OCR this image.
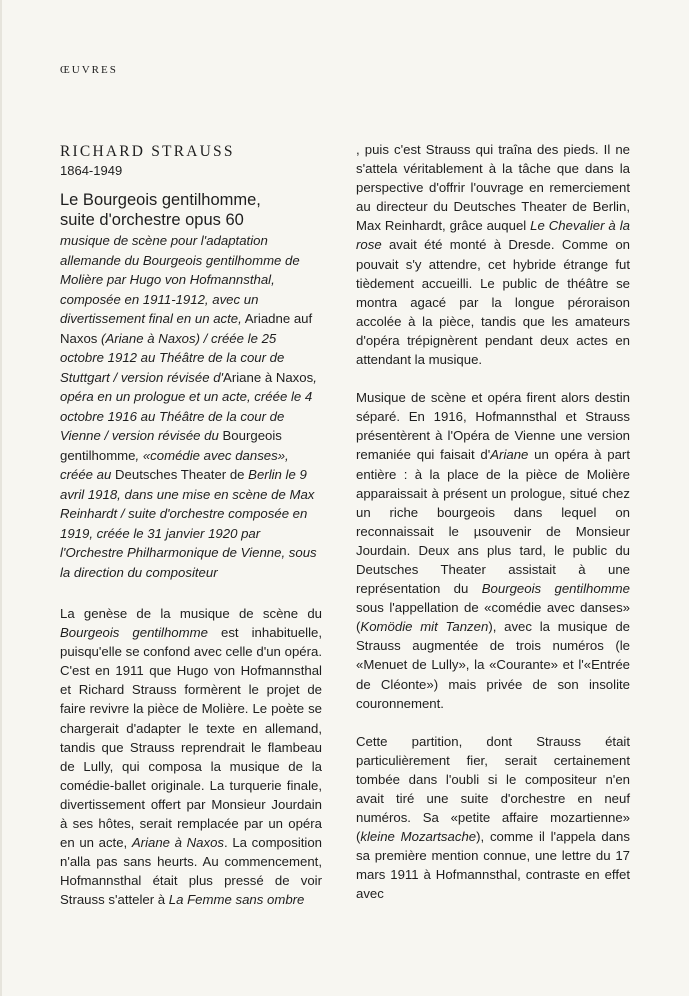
ŒUVRES
RICHARD STRAUSS
1864-1949
Le Bourgeois gentilhomme,
suite d'orchestre opus 60
musique de scène pour l'adaptation allemande du Bourgeois gentilhomme de Molière par Hugo von Hofmannsthal, composée en 1911-1912, avec un divertissement final en un acte, Ariadne auf Naxos (Ariane à Naxos) / créée le 25 octobre 1912 au Théâtre de la cour de Stuttgart / version révisée d'Ariane à Naxos, opéra en un prologue et un acte, créée le 4 octobre 1916 au Théâtre de la cour de Vienne / version révisée du Bourgeois gentilhomme, «comédie avec danses», créée au Deutsches Theater de Berlin le 9 avril 1918, dans une mise en scène de Max Reinhardt / suite d'orchestre composée en 1919, créée le 31 janvier 1920 par l'Orchestre Philharmonique de Vienne, sous la direction du compositeur
La genèse de la musique de scène du Bourgeois gentilhomme est inhabituelle, puisqu'elle se confond avec celle d'un opéra. C'est en 1911 que Hugo von Hofmannsthal et Richard Strauss formèrent le projet de faire revivre la pièce de Molière. Le poète se chargerait d'adapter le texte en allemand, tandis que Strauss reprendrait le flambeau de Lully, qui composa la musique de la comédie-ballet originale. La turquerie finale, divertissement offert par Monsieur Jourdain à ses hôtes, serait remplacée par un opéra en un acte, Ariane à Naxos. La composition n'alla pas sans heurts. Au commencement, Hofmannsthal était plus pressé de voir Strauss s'atteler à La Femme sans ombre
, puis c'est Strauss qui traîna des pieds. Il ne s'attela véritablement à la tâche que dans la perspective d'offrir l'ouvrage en remerciement au directeur du Deutsches Theater de Berlin, Max Reinhardt, grâce auquel Le Chevalier à la rose avait été monté à Dresde. Comme on pouvait s'y attendre, cet hybride étrange fut tièdement accueilli. Le public de théâtre se montra agacé par la longue péroraison accolée à la pièce, tandis que les amateurs d'opéra trépignèrent pendant deux actes en attendant la musique.
Musique de scène et opéra firent alors destin séparé. En 1916, Hofmannsthal et Strauss présentèrent à l'Opéra de Vienne une version remaniée qui faisait d'Ariane un opéra à part entière : à la place de la pièce de Molière apparaissait à présent un prologue, situé chez un riche bourgeois dans lequel on reconnaissait le µsouvenir de Monsieur Jourdain. Deux ans plus tard, le public du Deutsches Theater assistait à une représentation du Bourgeois gentilhomme sous l'appellation de «comédie avec danses» (Komödie mit Tanzen), avec la musique de Strauss augmentée de trois numéros (le «Menuet de Lully», la «Courante» et l'«Entrée de Cléonte») mais privée de son insolite couronnement.
Cette partition, dont Strauss était particulièrement fier, serait certainement tombée dans l'oubli si le compositeur n'en avait tiré une suite d'orchestre en neuf numéros. Sa «petite affaire mozartienne» (kleine Mozartsache), comme il l'appela dans sa première mention connue, une lettre du 17 mars 1911 à Hofmannsthal, contraste en effet avec
